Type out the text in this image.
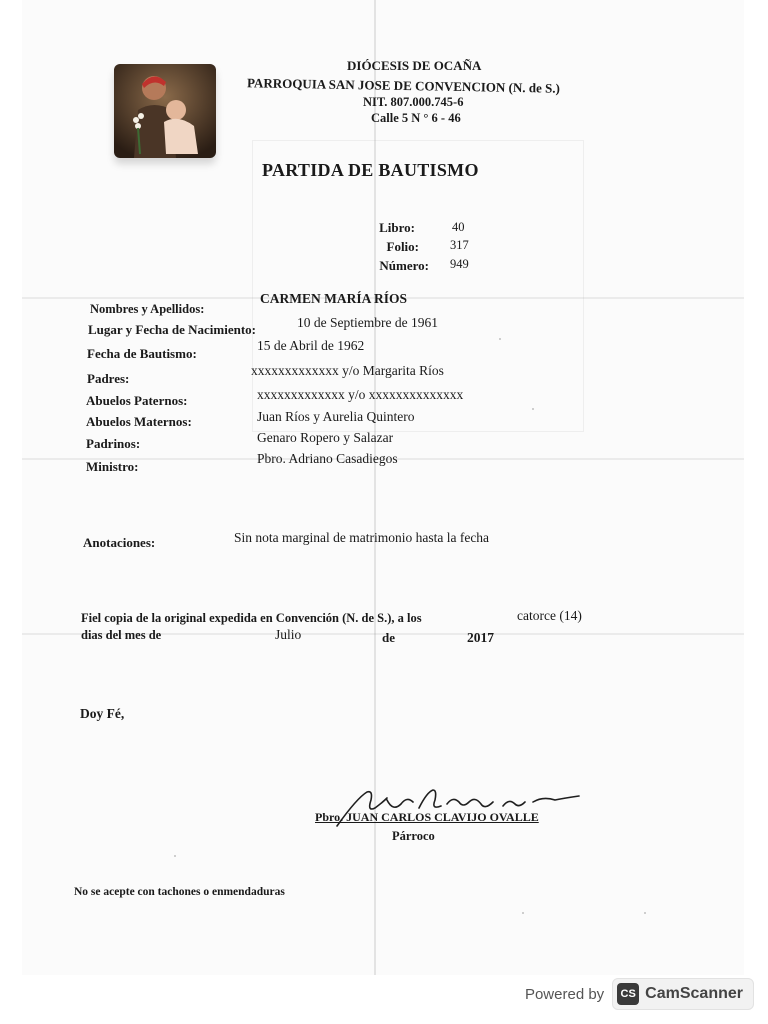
DIÓCESIS DE OCAÑA
PARROQUIA SAN JOSE DE CONVENCION (N. de S.)
NIT. 807.000.745-6
Calle 5 N ° 6 - 46
PARTIDA DE BAUTISMO
Libro:	40
Folio: 317
Número: 949
Nombres y Apellidos:
CARMEN MARÍA RÍOS
Lugar y Fecha de Nacimiento:	10 de Septiembre de 1961
Fecha de Bautismo:
15 de Abril de 1962
Padres:
xxxxxxxxxxxxx y/o Margarita Ríos
Abuelos Paternos:	xxxxxxxxxxxxx y/o xxxxxxxxxxxxxx
Abuelos Maternos:	Juan Ríos y Aurelia Quintero
Padrinos:	Genaro Ropero y Salazar
Ministro:
Pbro. Adriano Casadiegos
Anotaciones:	Sin nota marginal de matrimonio hasta la fecha
Fiel copia de la original expedida en Convención (N. de S.), a los	catorce (14)
dias del mes de	Julio	de	2017
Doy Fé,
Pbro. JUAN CARLOS CLAVIJO OVALLE
Párroco
No se acepte con tachones o enmendaduras
Powered by	CS CamScanner
